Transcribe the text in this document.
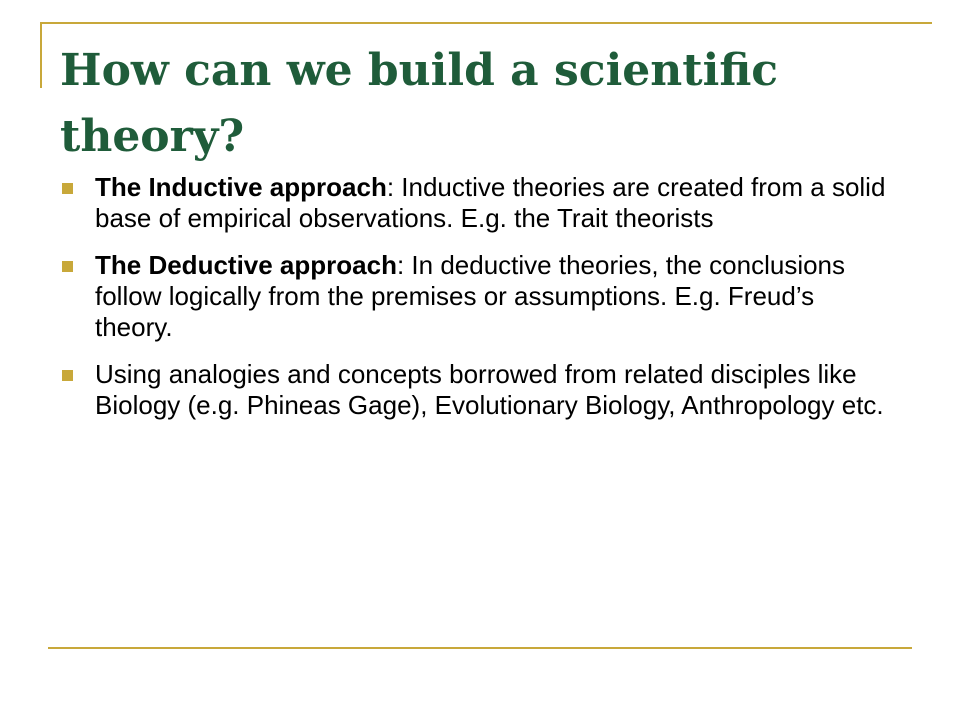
How can we build a scientific theory?
The Inductive approach: Inductive theories are created from a solid base of empirical observations. E.g. the Trait theorists
The Deductive approach: In deductive theories, the conclusions follow logically from the premises or assumptions. E.g. Freud’s theory.
Using analogies and concepts borrowed from related disciples like Biology (e.g. Phineas Gage), Evolutionary Biology, Anthropology etc.
